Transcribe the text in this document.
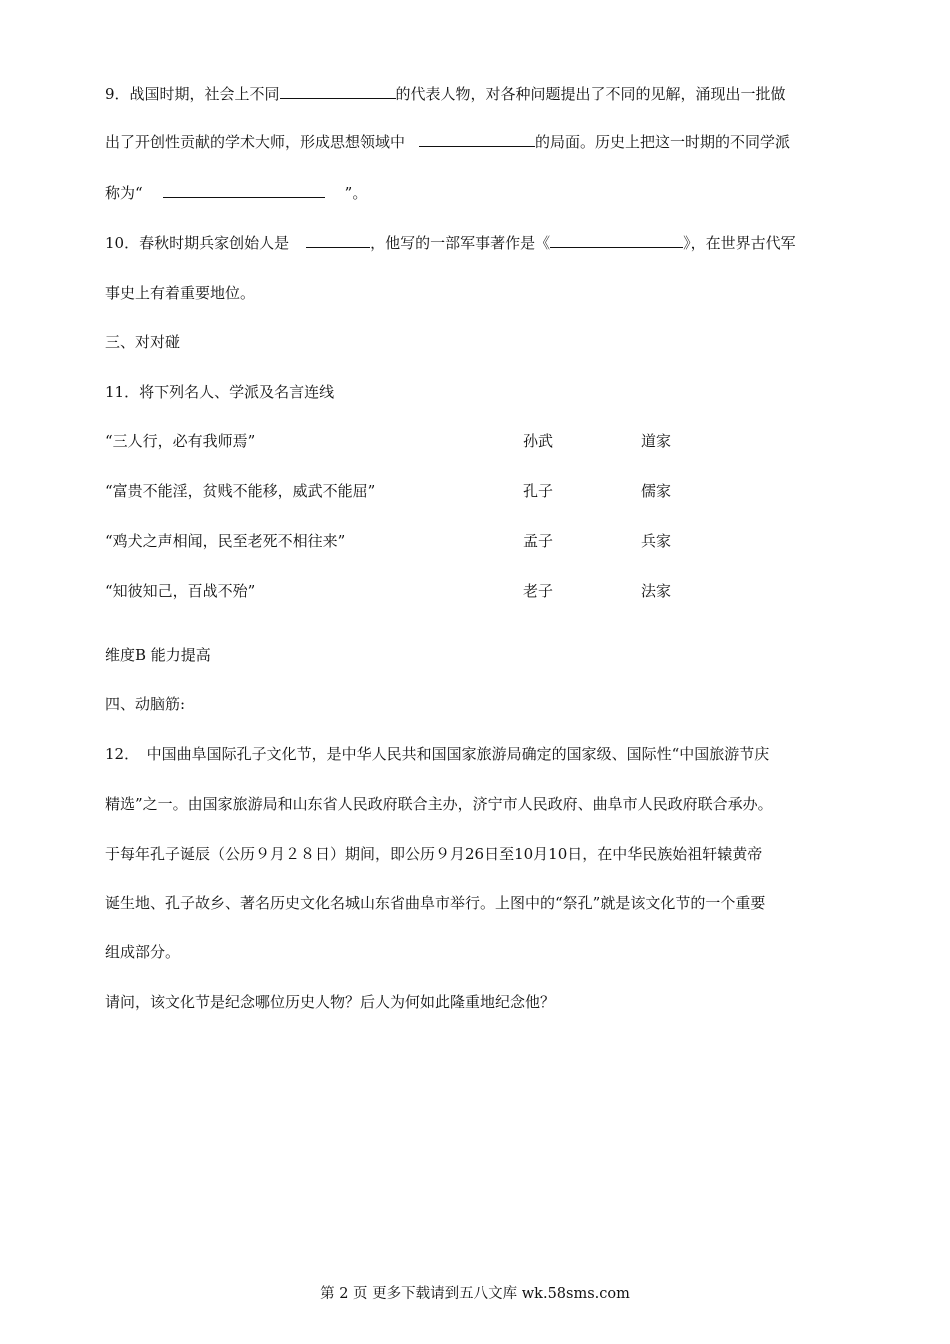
9．战国时期，社会上不同	的代表人物，对各种问题提出了不同的见解，涌现出一批做
出了开创性贡献的学术大师，形成思想领域中	的局面。历史上把这一时期的不同学派
称为“	”。
10．春秋时期兵家创始人是	，他写的一部军事著作是《	》，在世界古代军
事史上有着重要地位。
三、对对碰
11．将下列名人、学派及名言连线
“三人行，必有我师焉”	孙武	道家
“富贵不能淫，贫贱不能移，威武不能屈”	孔子	儒家
“鸡犬之声相闻，民至老死不相往来”	孟子	兵家
“知彼知己，百战不殆”	老子	法家
维度B 能力提高
四、动脑筋:
12．　中国曲阜国际孔子文化节，是中华人民共和国国家旅游局确定的国家级、国际性“中国旅游节庆
精选”之一。由国家旅游局和山东省人民政府联合主办，济宁市人民政府、曲阜市人民政府联合承办。
于每年孔子诞辰（公历９月２８日）期间，即公历９月26日至10月10日，在中华民族始祖轩辕黄帝
诞生地、孔子故乡、著名历史文化名城山东省曲阜市举行。上图中的“祭孔”就是该文化节的一个重要
组成部分。
请问，该文化节是纪念哪位历史人物？后人为何如此隆重地纪念他？
第 2 页 更多下载请到五八文库 wk.58sms.com
